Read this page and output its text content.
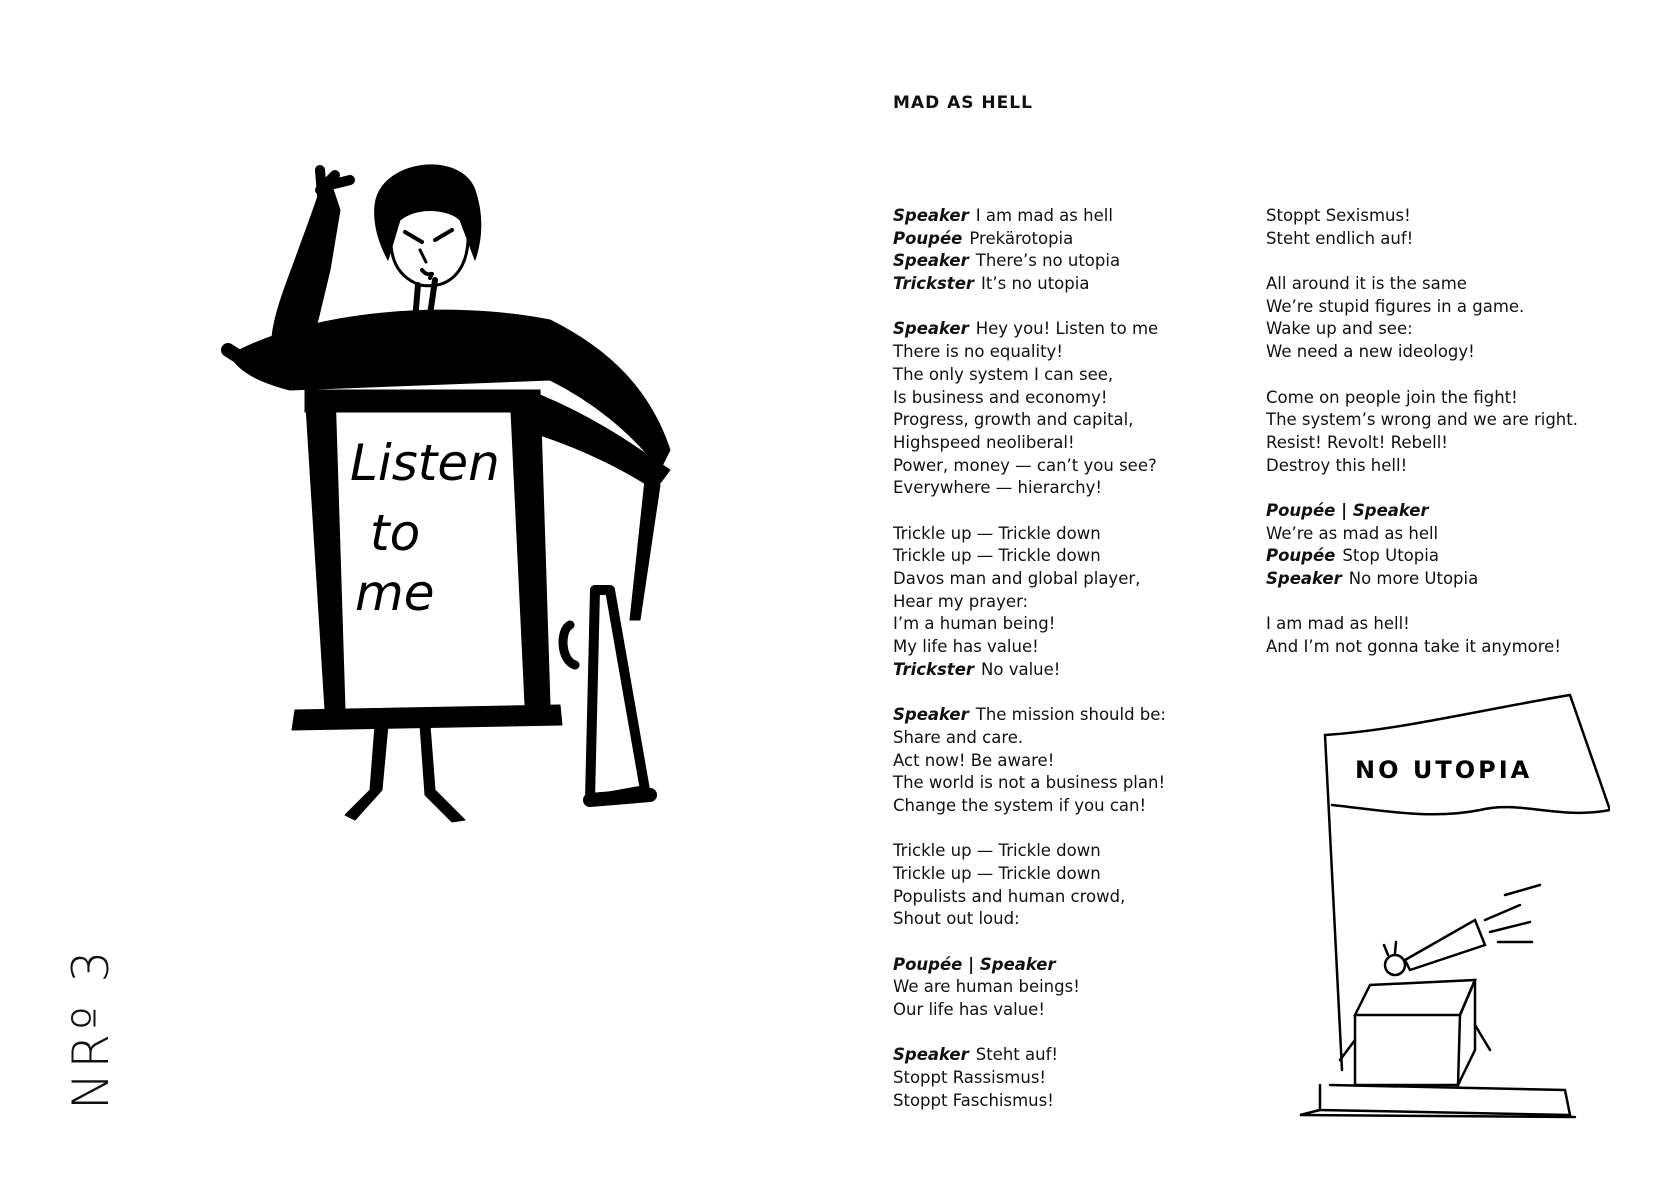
Listen
to
me
NRº 3
MAD AS HELL
Speaker I am mad as hell
Poupée Prekärotopia
Speaker There’s no utopia
Trickster It’s no utopia
Speaker Hey you! Listen to me
There is no equality!
The only system I can see,
Is business and economy!
Progress, growth and capital,
Highspeed neoliberal!
Power, money — can’t you see?
Everywhere — hierarchy!
Trickle up — Trickle down
Trickle up — Trickle down
Davos man and global player,
Hear my prayer:
I’m a human being!
My life has value!
Trickster No value!
Speaker The mission should be:
Share and care.
Act now! Be aware!
The world is not a business plan!
Change the system if you can!
Trickle up — Trickle down
Trickle up — Trickle down
Populists and human crowd,
Shout out loud:
Poupée | Speaker
We are human beings!
Our life has value!
Speaker Steht auf!
Stoppt Rassismus!
Stoppt Faschismus!
Stoppt Sexismus!
Steht endlich auf!
All around it is the same
We’re stupid figures in a game.
Wake up and see:
We need a new ideology!
Come on people join the fight!
The system’s wrong and we are right.
Resist! Revolt! Rebell!
Destroy this hell!
Poupée | Speaker
We’re as mad as hell
Poupée Stop Utopia
Speaker No more Utopia
I am mad as hell!
And I’m not gonna take it anymore!
NO UTOPIA
